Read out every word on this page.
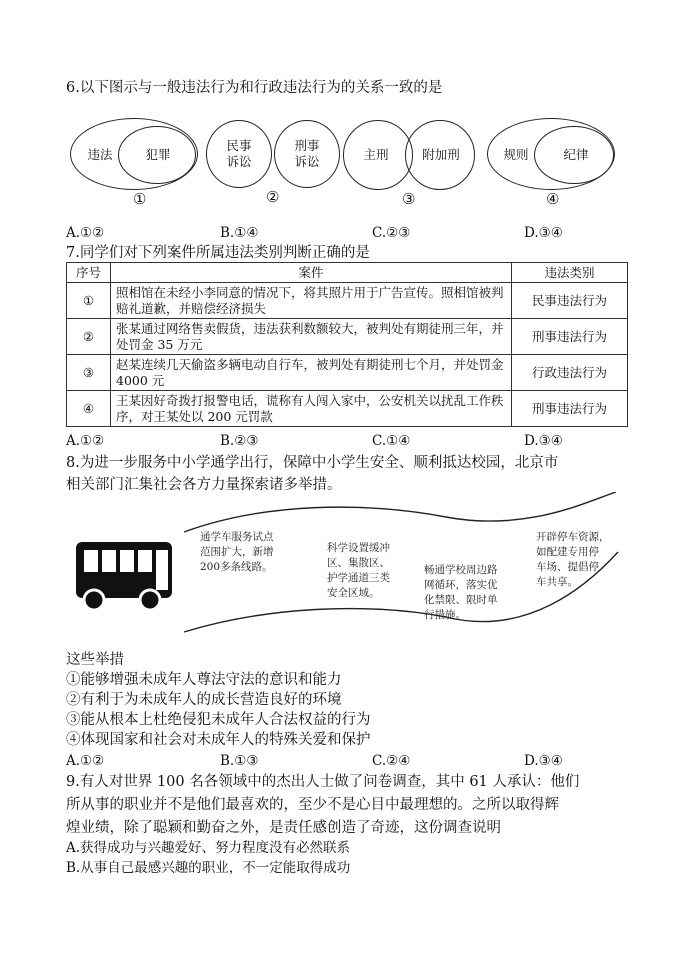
6.以下图示与一般违法行为和行政违法行为的关系一致的是
违法	犯罪
①
民事
诉讼
刑事
诉讼
②
主刑	附加刑
③
规则	纪律
④
A.①②	B.①④	C.②③	D.③④
7.同学们对下列案件所属违法类别判断正确的是
序号	案件	违法类别
①	照相馆在未经小李同意的情况下，将其照片用于广告宣传。照相馆被判赔礼道歉，并赔偿经济损失	民事违法行为
②	张某通过网络售卖假货，违法获利数额较大，被判处有期徒刑三年，并处罚金 35 万元	刑事违法行为
③	赵某连续几天偷盗多辆电动自行车，被判处有期徒刑七个月，并处罚金 4000 元	行政违法行为
④	王某因好奇拨打报警电话，谎称有人闯入家中，公安机关以扰乱工作秩序，对王某处以 200 元罚款	刑事违法行为
A.①②	B.②③	C.①④	D.③④
8.为进一步服务中小学通学出行，保障中小学生安全、顺利抵达校园，北京市
相关部门汇集社会各方力量探索诸多举措。
通学车服务试点
范围扩大，新增
200多条线路。
科学设置缓冲
区、集散区、
护学通道三类
安全区域。
畅通学校周边路
网循环，落实优
化禁限、限时单
行措施。
开辟停车资源，
如配建专用停
车场、提倡停
车共享。
这些举措
①能够增强未成年人尊法守法的意识和能力
②有利于为未成年人的成长营造良好的环境
③能从根本上杜绝侵犯未成年人合法权益的行为
④体现国家和社会对未成年人的特殊关爱和保护
A.①②	B.①③	C.②④	D.③④
9.有人对世界 100 名各领域中的杰出人士做了问卷调查，其中 61 人承认：他们
所从事的职业并不是他们最喜欢的，至少不是心目中最理想的。之所以取得辉
煌业绩，除了聪颖和勤奋之外，是责任感创造了奇迹，这份调查说明
A.获得成功与兴趣爱好、努力程度没有必然联系
B.从事自己最感兴趣的职业，不一定能取得成功
